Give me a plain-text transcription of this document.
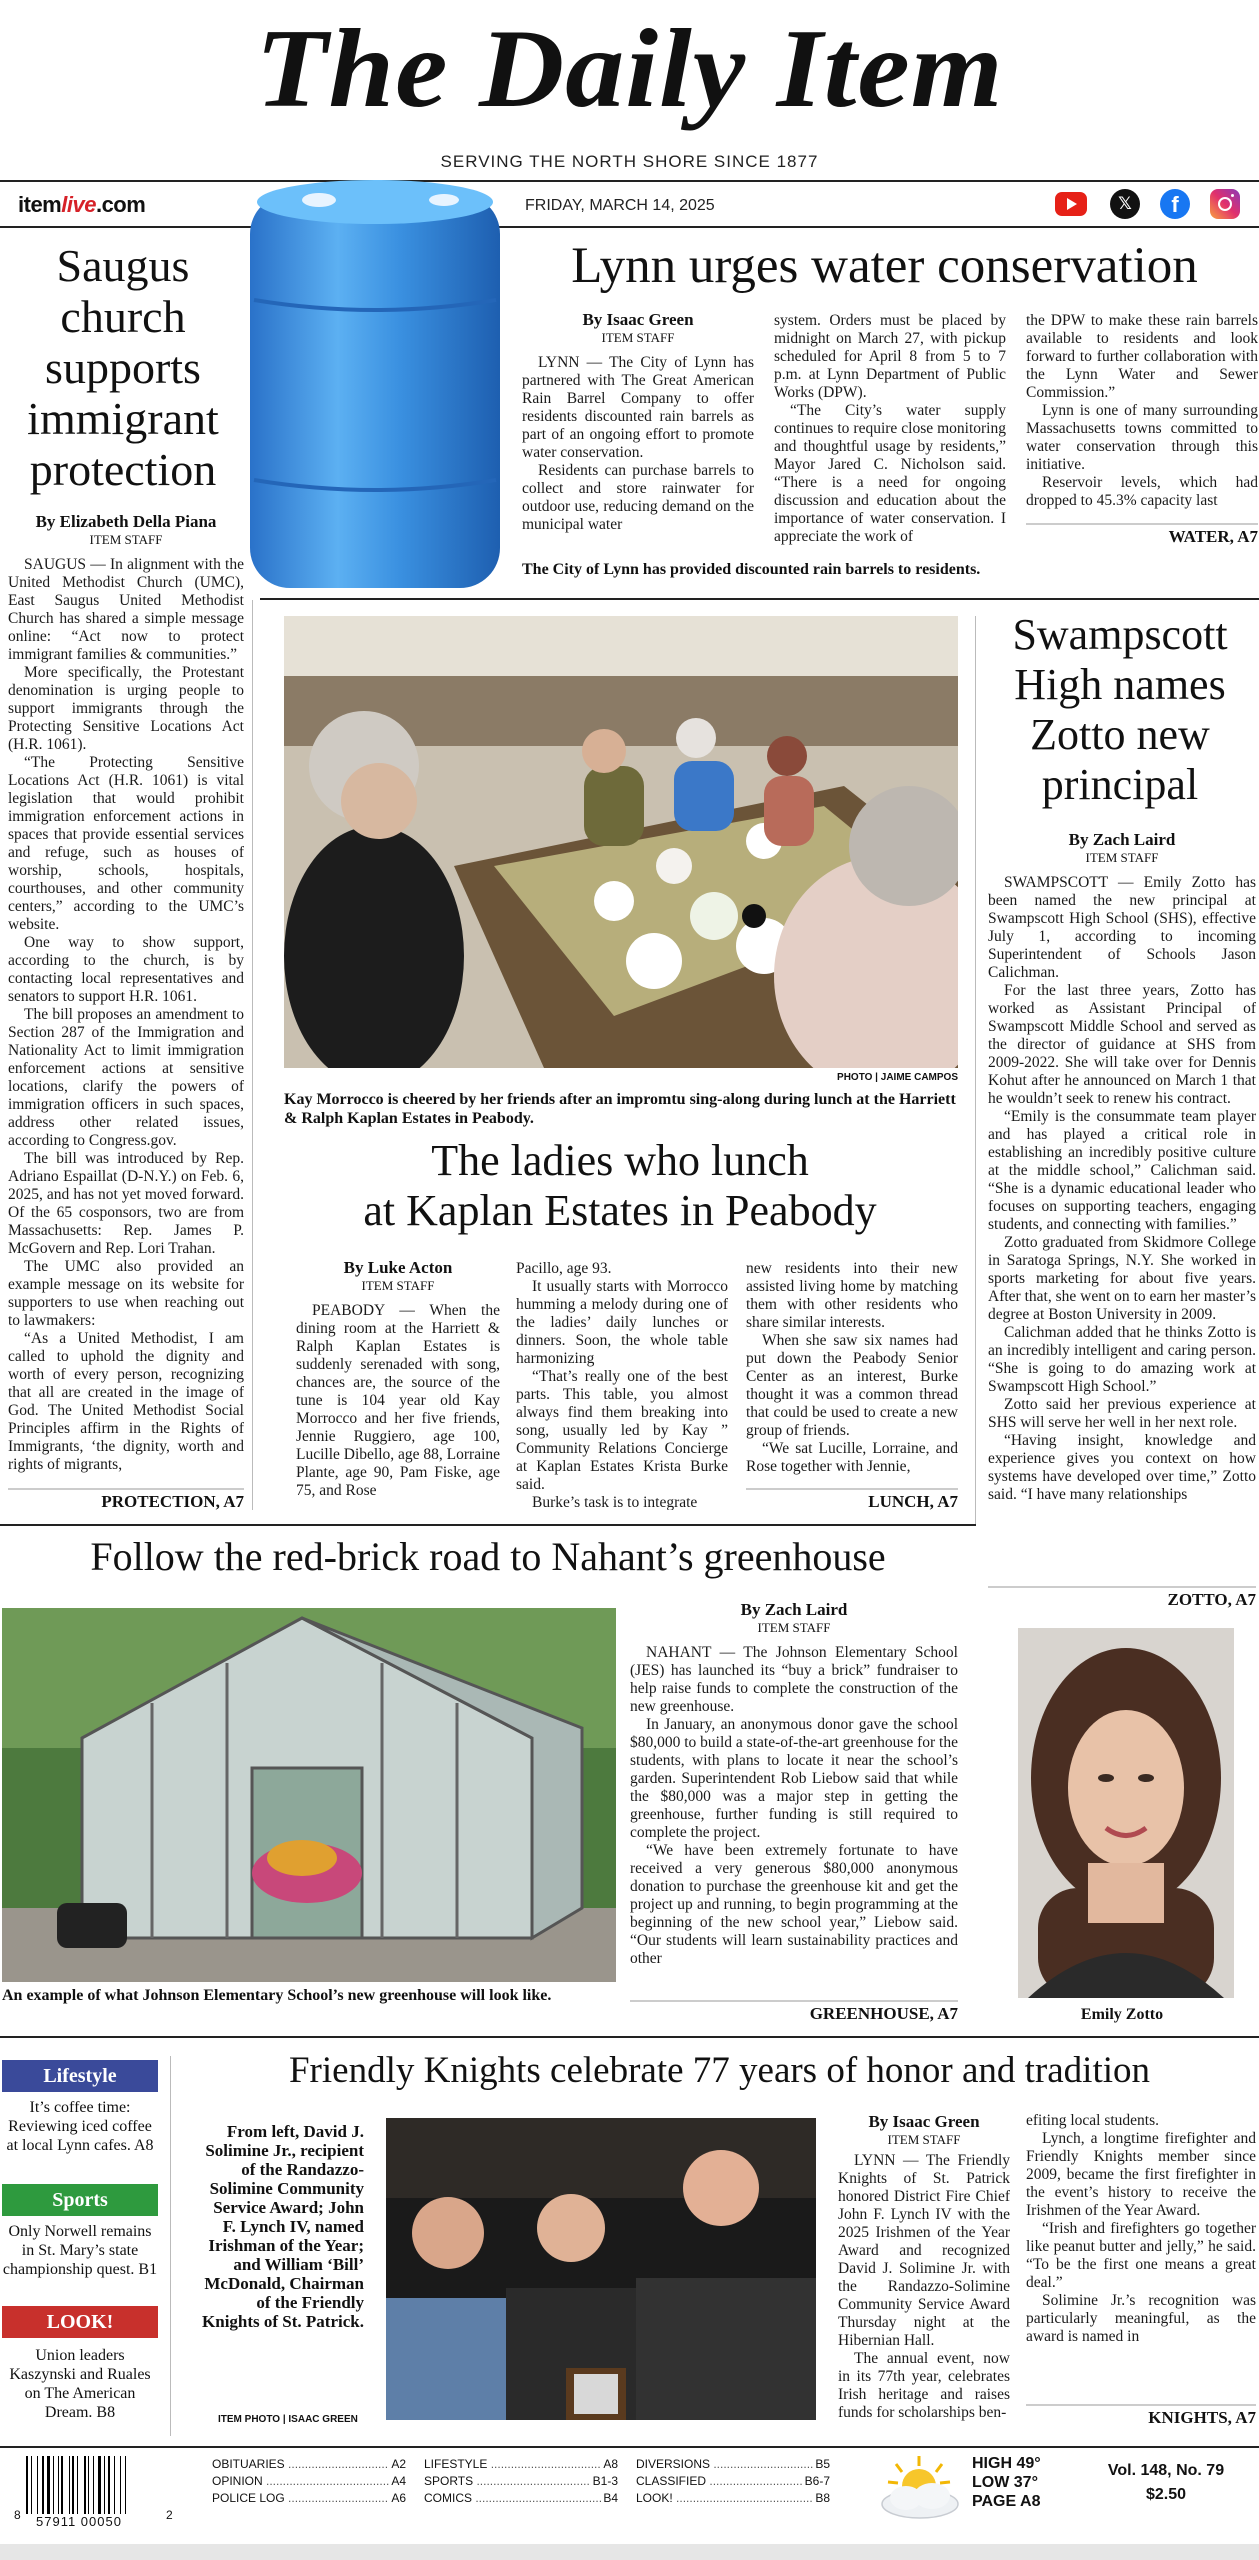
The Daily Item
SERVING THE NORTH SHORE SINCE 1877
itemlive.com	FRIDAY, MARCH 14, 2025	𝕏	f
Saugus church supports immigrant protection
By Elizabeth Della Piana
ITEM STAFF

SAUGUS — In alignment with the United Methodist Church (UMC), East Saugus United Methodist Church has shared a simple message online: “Act now to protect immigrant families & communities.”

More specifically, the Protestant denomination is urging people to support immigrants through the Protecting Sensitive Locations Act (H.R. 1061).

“The Protecting Sensitive Locations Act (H.R. 1061) is vital legislation that would prohibit immigration enforcement actions in spaces that provide essential services and refuge, such as houses of worship, schools, hospitals, courthouses, and other community centers,” according to the UMC’s website.

One way to show support, according to the church, is by contacting local representatives and senators to support H.R. 1061.

The bill proposes an amendment to Section 287 of the Immigration and Nationality Act to limit immigration enforcement actions at sensitive locations, clarify the powers of immigration officers in such spaces, address other related issues, according to Congress.gov.

The bill was introduced by Rep. Adriano Espaillat (D-N.Y.) on Feb. 6, 2025, and has not yet moved forward. Of the 65 cosponsors, two are from Massachusetts: Rep. James P. McGovern and Rep. Lori Trahan.

The UMC also provided an example message on its website for supporters to use when reaching out to lawmakers:

“As a United Methodist, I am called to uphold the dignity and worth of every person, recognizing that all are created in the image of God. The United Methodist Social Principles affirm in the Rights of Immigrants, ‘the dignity, worth and rights of migrants,

PROTECTION, A7
Lynn urges water conservation
By Isaac Green
ITEM STAFF

LYNN — The City of Lynn has partnered with The Great American Rain Barrel Company to offer residents discounted rain barrels as part of an ongoing effort to promote water conservation.

Residents can purchase barrels to collect and store rainwater for outdoor use, reducing demand on the municipal water

system. Orders must be placed by midnight on March 27, with pickup scheduled for April 8 from 5 to 7 p.m. at Lynn Department of Public Works (DPW).

“The City’s water supply continues to require close monitoring and thoughtful usage by residents,” Mayor Jared C. Nicholson said. “There is a need for ongoing discussion and education about the importance of water conservation. I appreciate the work of

the DPW to make these rain barrels available to residents and look forward to further collaboration with the Lynn Water and Sewer Commission.”

Lynn is one of many surrounding Massachusetts towns committed to water conservation through this initiative.

Reservoir levels, which had dropped to 45.3% capacity last

WATER, A7
The City of Lynn has provided discounted rain barrels to residents.
PHOTO | JAIME CAMPOS
Kay Morrocco is cheered by her friends after an impromtu sing-along during lunch at the Harriett & Ralph Kaplan Estates in Peabody.
The ladies who lunch
at Kaplan Estates in Peabody
By Luke Acton
ITEM STAFF

PEABODY — When the dining room at the Harriett & Ralph Kaplan Estates is suddenly serenaded with song, chances are, the source of the tune is 104 year old Kay Morrocco and her five friends, Jennie Ruggiero, age 100, Lucille Dibello, age 88, Lorraine Plante, age 90, Pam Fiske, age 75, and Rose

Pacillo, age 93.

It usually starts with Morrocco humming a melody during one of the ladies’ daily lunches or dinners. Soon, the whole table harmonizing

“That’s really one of the best parts. This table, you almost always find them breaking into song, usually led by Kay ” Community Relations Concierge at Kaplan Estates Krista Burke said.

Burke’s task is to integrate

new residents into their new assisted living home by matching them with other residents who share similar interests.

When she saw six names had put down the Peabody Senior Center as an interest, Burke thought it was a common thread that could be used to create a new group of friends.

“We sat Lucille, Lorraine, and Rose together with Jennie,

LUNCH, A7
Swampscott High names Zotto new principal
By Zach Laird
ITEM STAFF

SWAMPSCOTT — Emily Zotto has been named the new principal at Swampscott High School (SHS), effective July 1, according to incoming Superintendent of Schools Jason Calichman.

For the last three years, Zotto has worked as Assistant Principal of Swampscott Middle School and served as the director of guidance at SHS from 2009-2022. She will take over for Dennis Kohut after he announced on March 1 that he wouldn’t seek to renew his contract.

“Emily is the consummate team player and has played a critical role in establishing an incredibly positive culture at the middle school,” Calichman said. “She is a dynamic educational leader who focuses on supporting teachers, engaging students, and connecting with families.”

Zotto graduated from Skidmore College in Saratoga Springs, N.Y. She worked in sports marketing for about five years. After that, she went on to earn her master’s degree at Boston University in 2009.

Calichman added that he thinks Zotto is an incredibly intelligent and caring person. “She is going to do amazing work at Swampscott High School.”

Zotto said her previous experience at SHS will serve her well in her next role.

“Having insight, knowledge and experience gives you context on how systems have developed over time,” Zotto said. “I have many relationships

ZOTTO, A7
Emily Zotto
Follow the red-brick road to Nahant’s greenhouse
An example of what Johnson Elementary School’s new greenhouse will look like.
By Zach Laird
ITEM STAFF

NAHANT — The Johnson Elementary School (JES) has launched its “buy a brick” fundraiser to help raise funds to complete the construction of the new greenhouse.

In January, an anonymous donor gave the school $80,000 to build a state-of-the-art greenhouse for the students, with plans to locate it near the school’s garden. Superintendent Rob Liebow said that while the $80,000 was a major step in getting the greenhouse, further funding is still required to complete the project.

“We have been extremely fortunate to have received a very generous $80,000 anonymous donation to purchase the greenhouse kit and get the project up and running, to begin programming at the beginning of the new school year,” Liebow said. “Our students will learn sustainability practices and other

GREENHOUSE, A7
Lifestyle
It’s coffee time: Reviewing iced coffee at local Lynn cafes. A8
Sports
Only Norwell remains in St. Mary’s state championship quest. B1
LOOK!
Union leaders Kaszynski and Ruales on The American Dream. B8
Friendly Knights celebrate 77 years of honor and tradition
From left, David J. Solimine Jr., recipient of the Randazzo-Solimine Community Service Award; John F. Lynch IV, named Irishman of the Year; and William ‘Bill’ McDonald, Chairman of the Friendly Knights of St. Patrick.
ITEM PHOTO | ISAAC GREEN
By Isaac Green
ITEM STAFF

LYNN — The Friendly Knights of St. Patrick honored District Fire Chief John F. Lynch IV with the 2025 Irishmen of the Year Award and recognized David J. Solimine Jr. with the Randazzo-Solimine Community Service Award Thursday night at the Hibernian Hall.

The annual event, now in its 77th year, celebrates Irish heritage and raises funds for scholarships ben-

efiting local students.

Lynch, a longtime firefighter and Friendly Knights member since 2009, became the first firefighter in the event’s history to receive the Irishmen of the Year Award.

“Irish and firefighters go together like peanut butter and jelly,” he said. “To be the first one means a great deal.”

Solimine Jr.’s recognition was particularly meaningful, as the award is named in

KNIGHTS, A7
8 57911 00050	2
OBITUARIES .....	A2
OPINION .....	A4
POLICE LOG .....	A6
LIFESTYLE .....	A8
SPORTS .....	B1-3
COMICS .....	B4
DIVERSIONS .....	B5
CLASSIFIED .....	B6-7
LOOK! .....	B8
HIGH 49°
LOW 37°
PAGE A8
Vol. 148, No. 79
$2.50
